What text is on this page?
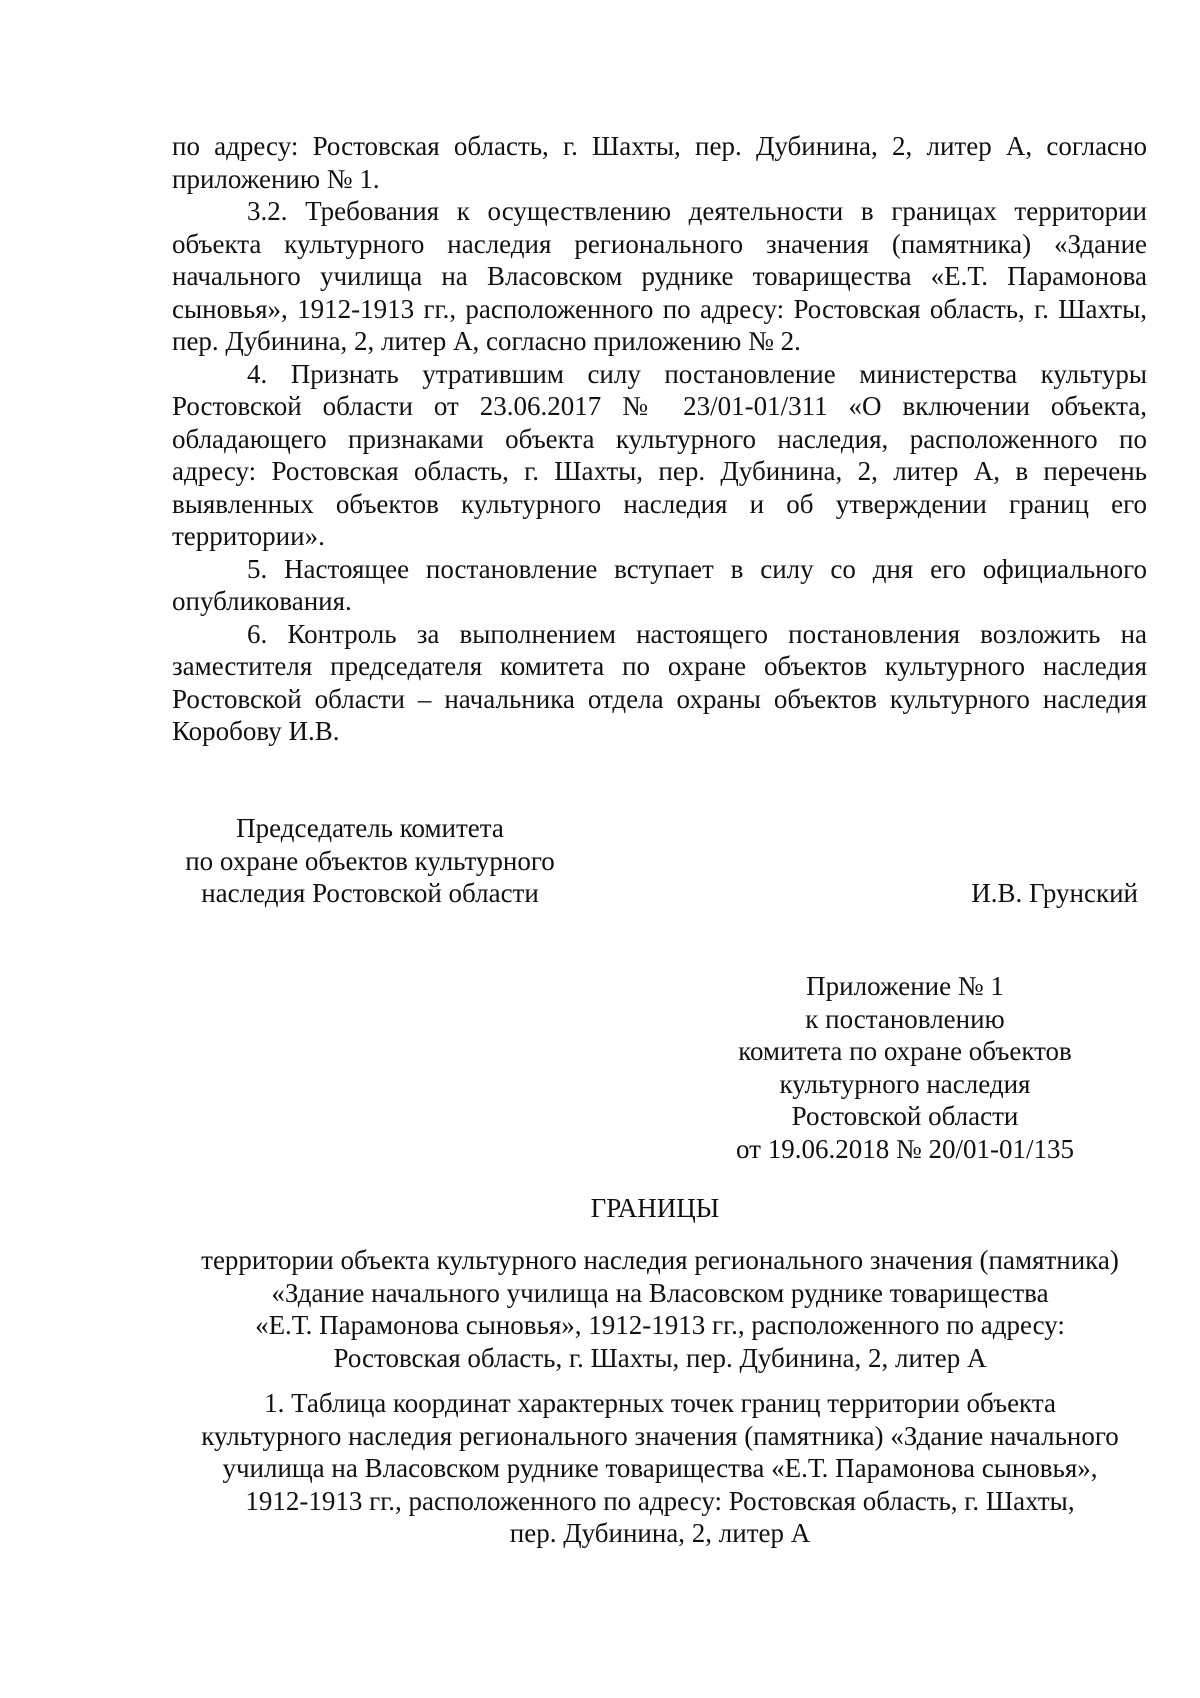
по адресу: Ростовская область, г. Шахты, пер. Дубинина, 2, литер А, согласно приложению № 1.

3.2. Требования к осуществлению деятельности в границах территории объекта культурного наследия регионального значения (памятника) «Здание начального училища на Власовском руднике товарищества «Е.Т. Парамонова сыновья», 1912-1913 гг., расположенного по адресу: Ростовская область, г. Шахты, пер. Дубинина, 2, литер А, согласно приложению № 2.

4. Признать утратившим силу постановление министерства культуры Ростовской области от 23.06.2017 № 23/01-01/311 «О включении объекта, обладающего признаками объекта культурного наследия, расположенного по адресу: Ростовская область, г. Шахты, пер. Дубинина, 2, литер А, в перечень выявленных объектов культурного наследия и об утверждении границ его территории».

5. Настоящее постановление вступает в силу со дня его официального опубликования.

6. Контроль за выполнением настоящего постановления возложить на заместителя председателя комитета по охране объектов культурного наследия Ростовской области – начальника отдела охраны объектов культурного наследия Коробову И.В.

Председатель комитета
по охране объектов культурного
наследия Ростовской области	И.В. Грунский
Приложение № 1
к постановлению
комитета по охране объектов
культурного наследия
Ростовской области
от 19.06.2018 № 20/01-01/135
ГРАНИЦЫ
территории объекта культурного наследия регионального значения (памятника)
«Здание начального училища на Власовском руднике товарищества
«Е.Т. Парамонова сыновья», 1912-1913 гг., расположенного по адресу:
Ростовская область, г. Шахты, пер. Дубинина, 2, литер А
1. Таблица координат характерных точек границ территории объекта
культурного наследия регионального значения (памятника) «Здание начального
училища на Власовском руднике товарищества «Е.Т. Парамонова сыновья»,
1912-1913 гг., расположенного по адресу: Ростовская область, г. Шахты,
пер. Дубинина, 2, литер А
